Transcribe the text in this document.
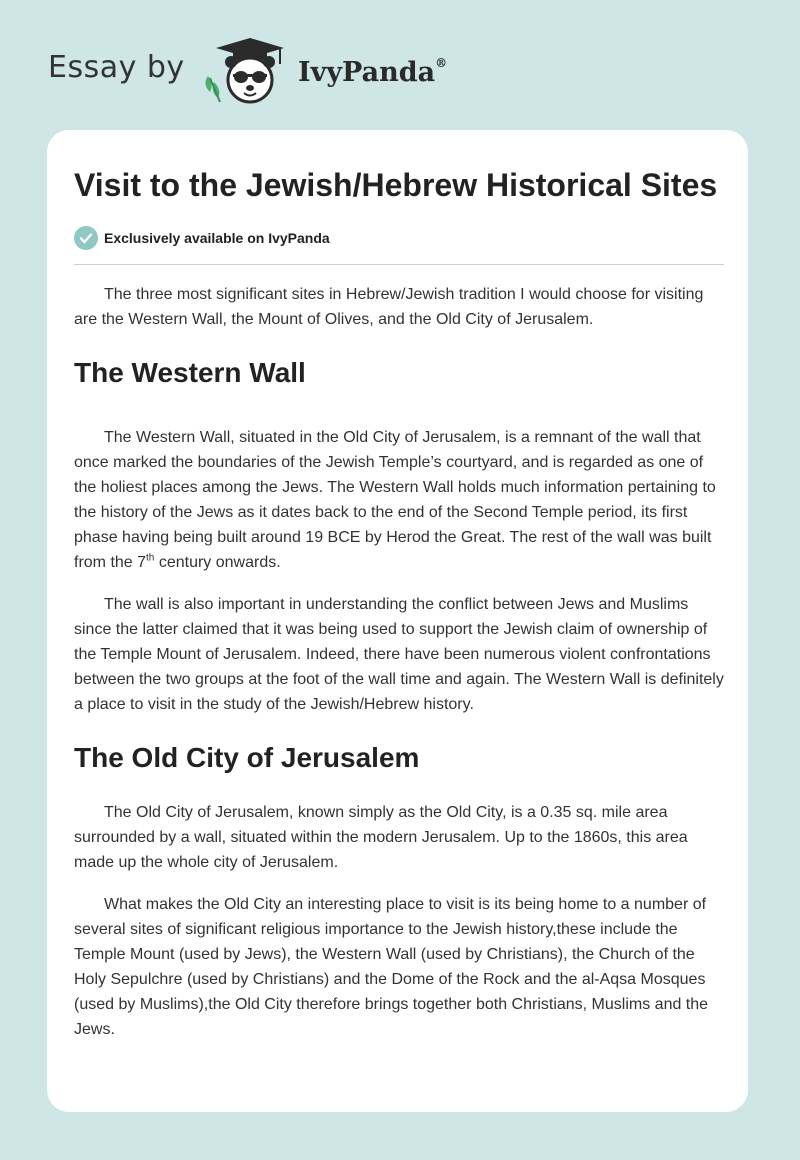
Essay by	IvyPanda®
Visit to the Jewish/Hebrew Historical Sites
Exclusively available on IvyPanda

The three most significant sites in Hebrew/Jewish tradition I would choose for visiting are the Western Wall, the Mount of Olives, and the Old City of Jerusalem.

The Western Wall

The Western Wall, situated in the Old City of Jerusalem, is a remnant of the wall that once marked the boundaries of the Jewish Temple’s courtyard, and is regarded as one of the holiest places among the Jews. The Western Wall holds much information pertaining to the history of the Jews as it dates back to the end of the Second Temple period, its first phase having being built around 19 BCE by Herod the Great. The rest of the wall was built from the 7th century onwards.

The wall is also important in understanding the conflict between Jews and Muslims since the latter claimed that it was being used to support the Jewish claim of ownership of the Temple Mount of Jerusalem. Indeed, there have been numerous violent confrontations between the two groups at the foot of the wall time and again. The Western Wall is definitely a place to visit in the study of the Jewish/Hebrew history.

The Old City of Jerusalem

The Old City of Jerusalem, known simply as the Old City, is a 0.35 sq. mile area surrounded by a wall, situated within the modern Jerusalem. Up to the 1860s, this area made up the whole city of Jerusalem.

What makes the Old City an interesting place to visit is its being home to a number of several sites of significant religious importance to the Jewish history,these include the Temple Mount (used by Jews), the Western Wall (used by Christians), the Church of the Holy Sepulchre (used by Christians) and the Dome of the Rock and the al-Aqsa Mosques (used by Muslims),the Old City therefore brings together both Christians, Muslims and the Jews.
